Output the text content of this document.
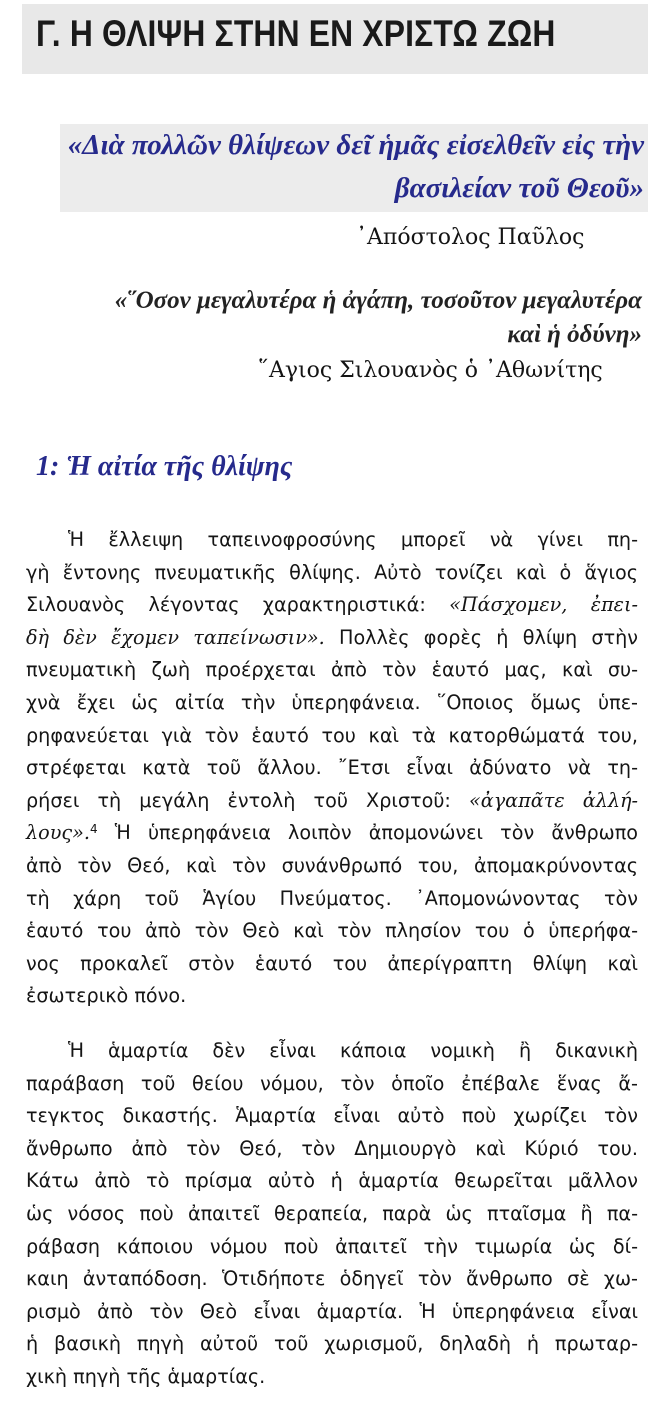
Γ. Η ΘΛΙΨΗ ΣΤΗΝ ΕΝ ΧΡΙΣΤΩ ΖΩΗ
«Διὰ πολλῶν θλίψεων δεῖ ἡμᾶς εἰσελθεῖν εἰς τὴν
βασιλείαν τοῦ Θεοῦ»
᾿Απόστολος Παῦλος
«῞Οσον μεγαλυτέρα ἡ ἀγάπη, τοσοῦτον μεγαλυτέρα
καὶ ἡ ὀδύνη»
῞Αγιος Σιλουανὸς ὁ ᾿Αθωνίτης
1: Ἡ αἰτία τῆς θλίψης
Ἡ ἔλλειψη ταπεινοφροσύνης μπορεῖ νὰ γίνει πη-
γὴ ἔντονης πνευματικῆς θλίψης. Αὐτὸ τονίζει καὶ ὁ ἅγιος
Σιλουανὸς λέγοντας χαρακτηριστικά: «Πάσχομεν, ἐπει-
δὴ δὲν ἔχομεν ταπείνωσιν». Πολλὲς φορὲς ἡ θλίψη στὴν
πνευματικὴ ζωὴ προέρχεται ἀπὸ τὸν ἑαυτό μας, καὶ συ-
χνὰ ἔχει ὡς αἰτία τὴν ὑπερηφάνεια. ῞Οποιος ὅμως ὑπε-
ρηφανεύεται γιὰ τὸν ἑαυτό του καὶ τὰ κατορθώματά του,
στρέφεται κατὰ τοῦ ἄλλου. ῎Ετσι εἶναι ἀδύνατο νὰ τη-
ρήσει τὴ μεγάλη ἐντολὴ τοῦ Χριστοῦ: «ἀγαπᾶτε ἀλλή-
λους».$^4$ Ἡ ὑπερηφάνεια λοιπὸν ἀπομονώνει τὸν ἄνθρωπο
ἀπὸ τὸν Θεό, καὶ τὸν συνάνθρωπό του, ἀπομακρύνοντας
τὴ χάρη τοῦ Ἁγίου Πνεύματος. ᾿Απομονώνοντας τὸν
ἑαυτό του ἀπὸ τὸν Θεὸ καὶ τὸν πλησίον του ὁ ὑπερήφα-
νος προκαλεῖ στὸν ἑαυτό του ἀπερίγραπτη θλίψη καὶ
ἐσωτερικὸ πόνο.
Ἡ ἁμαρτία δὲν εἶναι κάποια νομικὴ ἢ δικανικὴ
παράβαση τοῦ θείου νόμου, τὸν ὁποῖο ἐπέβαλε ἕνας ἄ-
τεγκτος δικαστής. Ἁμαρτία εἶναι αὐτὸ ποὺ χωρίζει τὸν
ἄνθρωπο ἀπὸ τὸν Θεό, τὸν Δημιουργὸ καὶ Κύριό του.
Κάτω ἀπὸ τὸ πρίσμα αὐτὸ ἡ ἁμαρτία θεωρεῖται μᾶλλον
ὡς νόσος ποὺ ἀπαιτεῖ θεραπεία, παρὰ ὡς πταῖσμα ἢ πα-
ράβαση κάποιου νόμου ποὺ ἀπαιτεῖ τὴν τιμωρία ὡς δί-
καιη ἀνταπόδοση. Ὁτιδήποτε ὁδηγεῖ τὸν ἄνθρωπο σὲ χω-
ρισμὸ ἀπὸ τὸν Θεὸ εἶναι ἁμαρτία. Ἡ ὑπερηφάνεια εἶναι
ἡ βασικὴ πηγὴ αὐτοῦ τοῦ χωρισμοῦ, δηλαδὴ ἡ πρωταρ-
χικὴ πηγὴ τῆς ἁμαρτίας.
